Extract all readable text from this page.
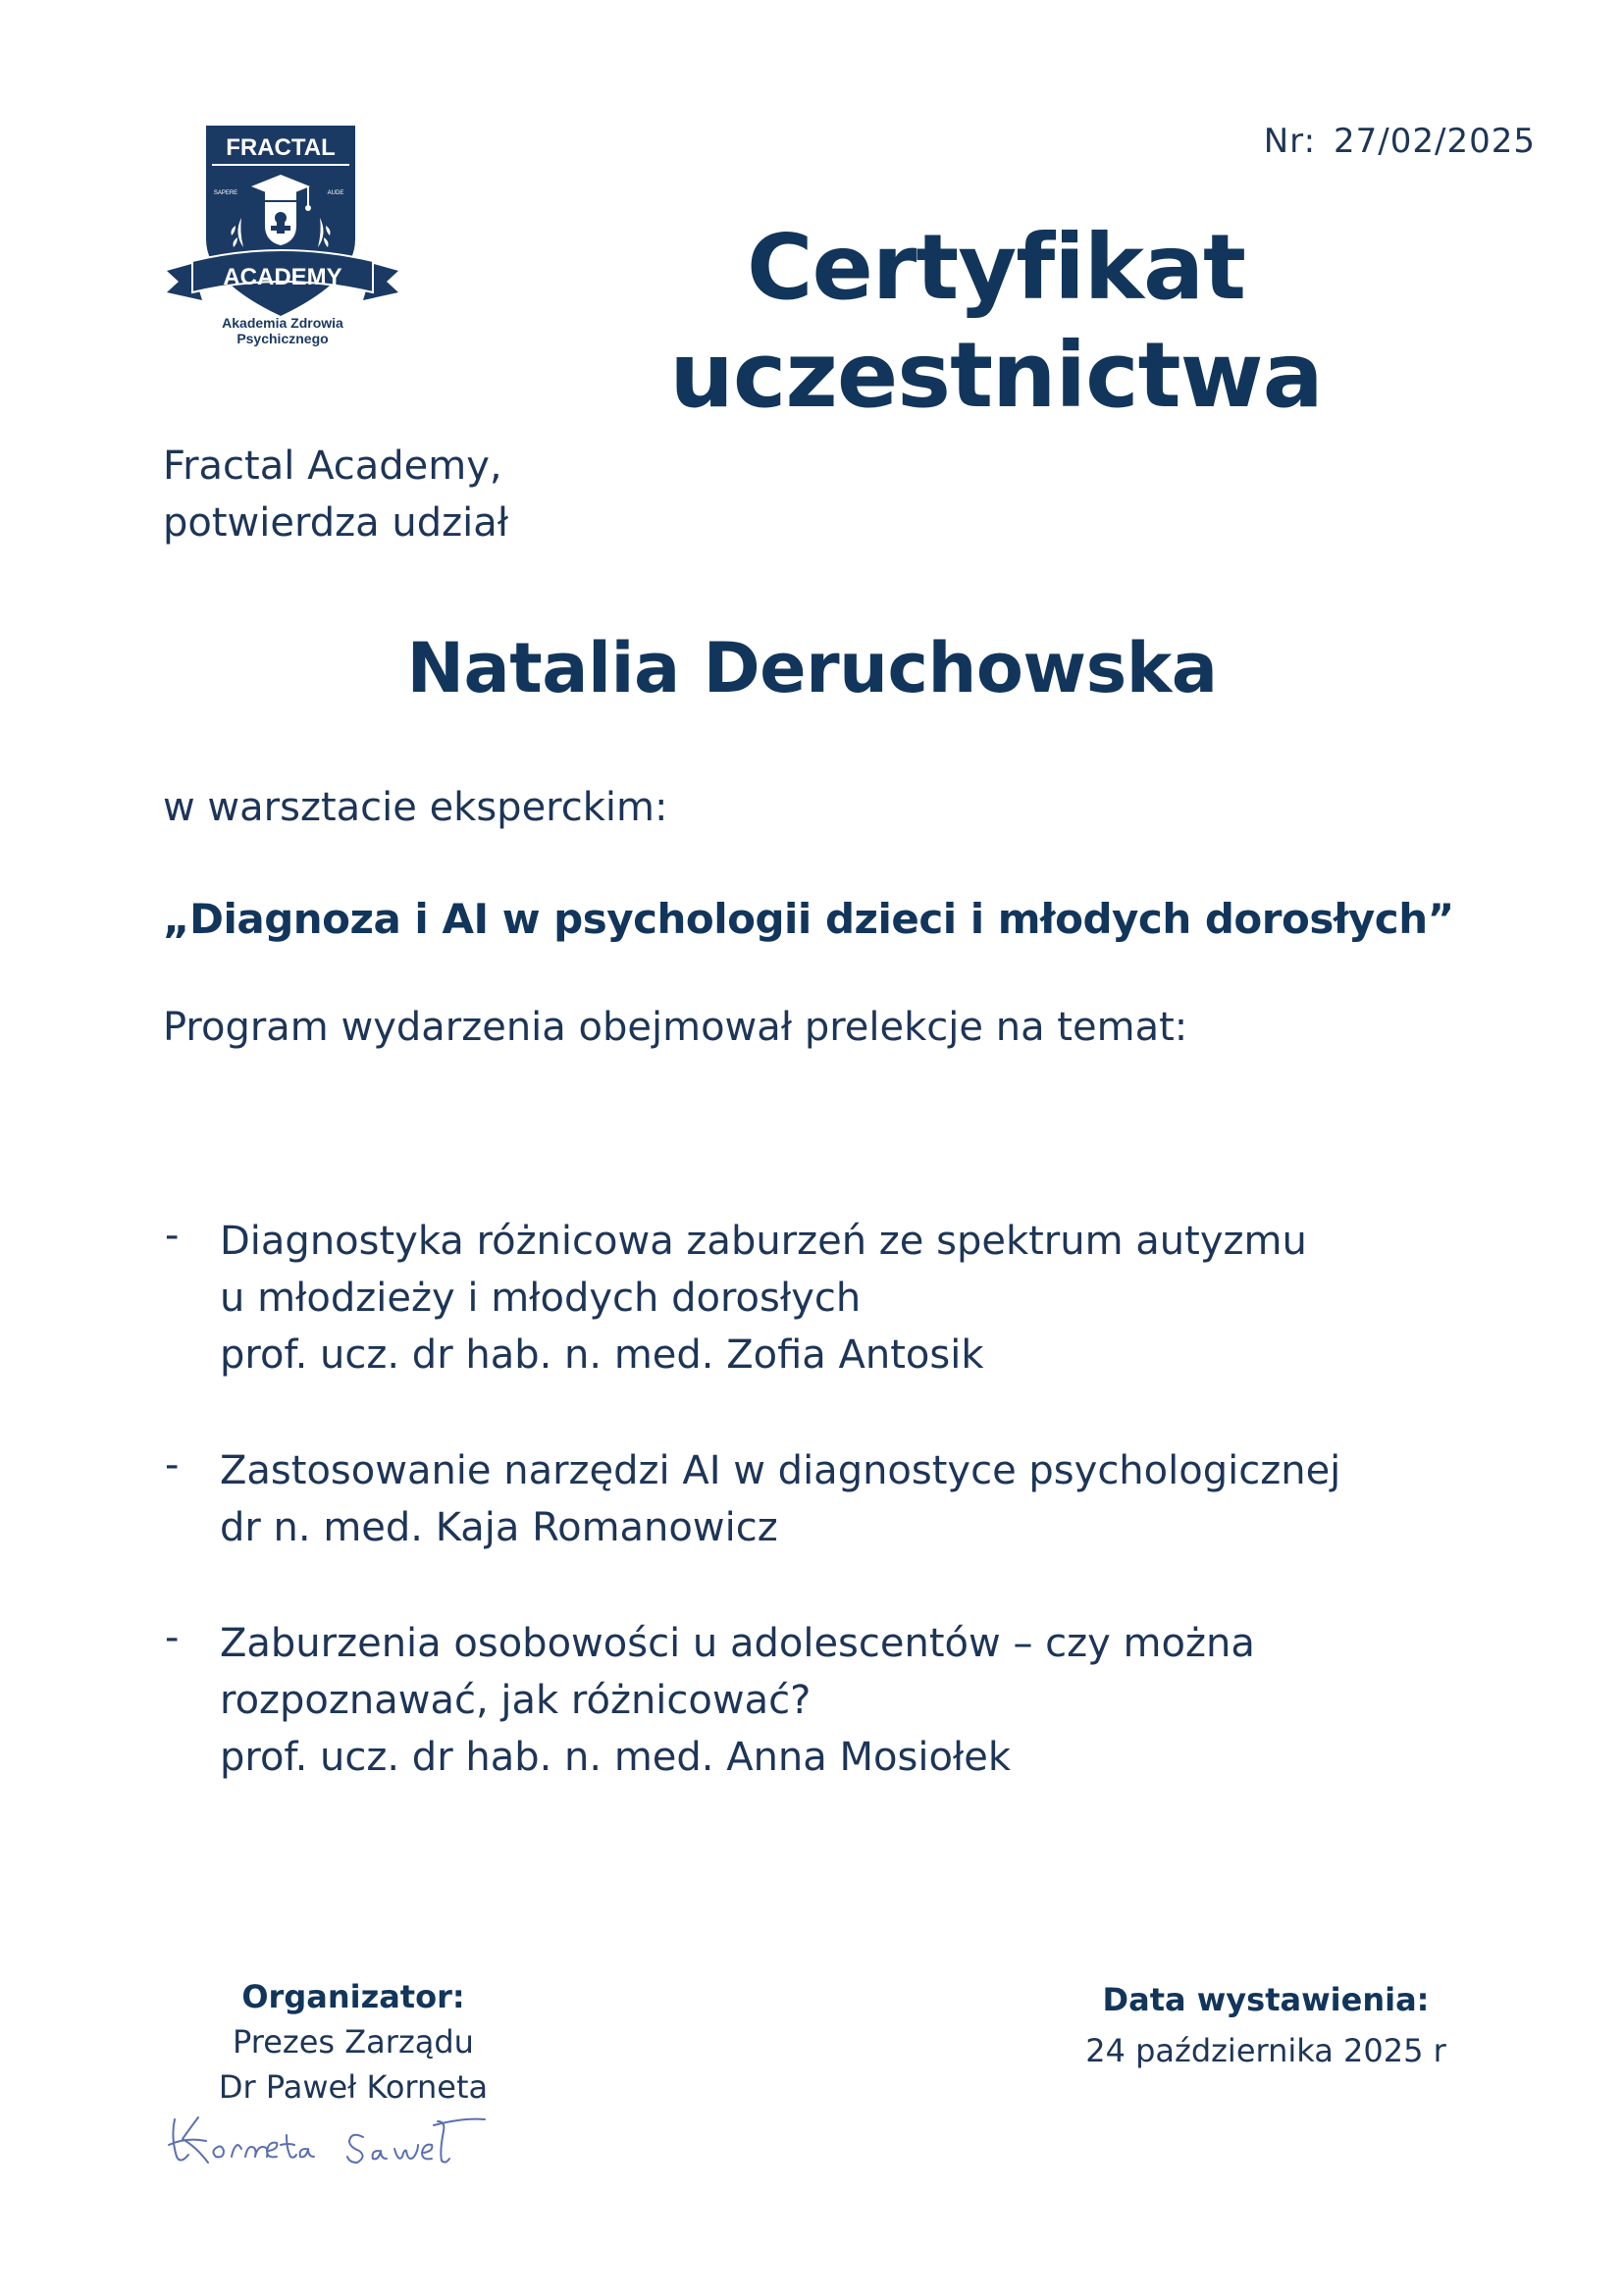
FRACTAL
SAPERE	AUDE
ACADEMY
Akademia Zdrowia
Psychicznego
Nr: 27/02/2025
Certyfikat
uczestnictwa
Fractal Academy,
potwierdza udział
Natalia Deruchowska
w warsztacie eksperckim:
„Diagnoza i AI w psychologii dzieci i młodych dorosłych”
Program wydarzenia obejmował prelekcje na temat:
- Diagnostyka różnicowa zaburzeń ze spektrum autyzmu
u młodzieży i młodych dorosłych
prof. ucz. dr hab. n. med. Zofia Antosik
- Zastosowanie narzędzi AI w diagnostyce psychologicznej
dr n. med. Kaja Romanowicz
- Zaburzenia osobowości u adolescentów – czy można
rozpoznawać, jak różnicować?
prof. ucz. dr hab. n. med. Anna Mosiołek
Organizator:
Prezes Zarządu
Dr Paweł Korneta
Data wystawienia:
24 października 2025 r
